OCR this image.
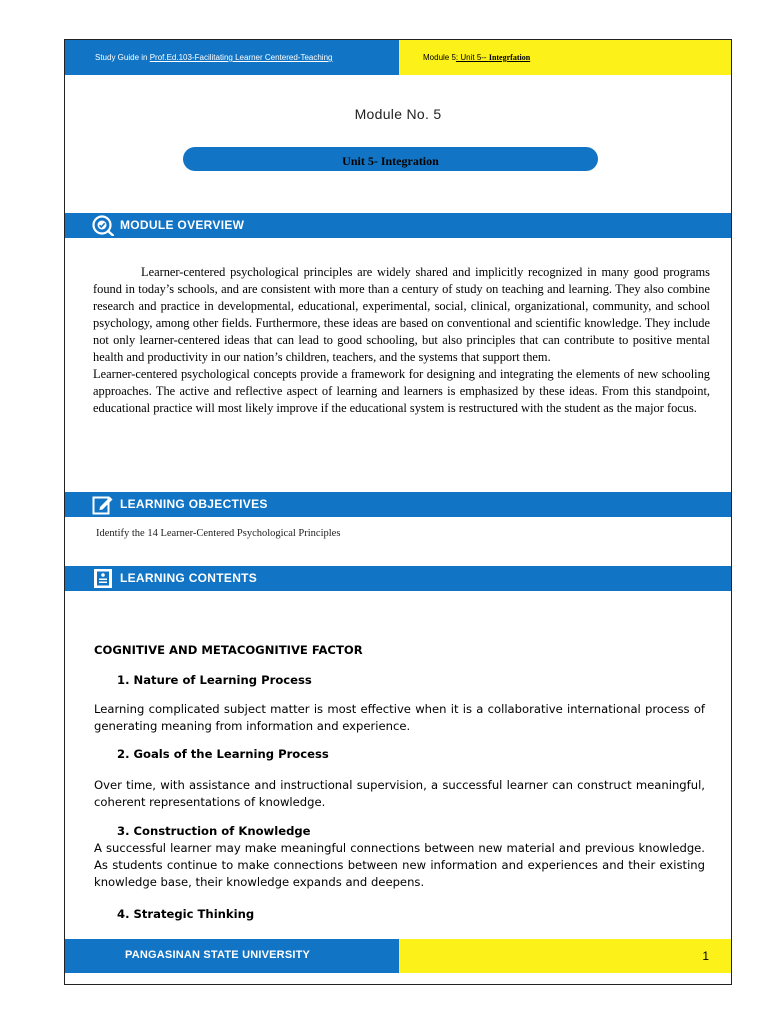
Study Guide in Prof.Ed.103-Facilitating Learner Centered-Teaching	Module 5: Unit 5-- Integrfation
Module No. 5
Unit 5- Integration
MODULE OVERVIEW

Learner-centered psychological principles are widely shared and implicitly recognized in many good programs found in today’s schools, and are consistent with more than a century of study on teaching and learning. They also combine research and practice in developmental, educational, experimental, social, clinical, organizational, community, and school psychology, among other fields. Furthermore, these ideas are based on conventional and scientific knowledge. They include not only learner-centered ideas that can lead to good schooling, but also principles that can contribute to positive mental health and productivity in our nation’s children, teachers, and the systems that support them.

Learner-centered psychological concepts provide a framework for designing and integrating the elements of new schooling approaches. The active and reflective aspect of learning and learners is emphasized by these ideas. From this standpoint, educational practice will most likely improve if the educational system is restructured with the student as the major focus.

LEARNING OBJECTIVES
Identify the 14 Learner-Centered Psychological Principles
LEARNING CONTENTS
COGNITIVE AND METACOGNITIVE FACTOR
1. Nature of Learning Process
Learning complicated subject matter is most effective when it is a collaborative international process of generating meaning from information and experience.
2. Goals of the Learning Process
Over time, with assistance and instructional supervision, a successful learner can construct meaningful, coherent representations of knowledge.
3. Construction of Knowledge
A successful learner may make meaningful connections between new material and previous knowledge. As students continue to make connections between new information and experiences and their existing knowledge base, their knowledge expands and deepens.
4. Strategic Thinking
PANGASINAN STATE UNIVERSITY	1
